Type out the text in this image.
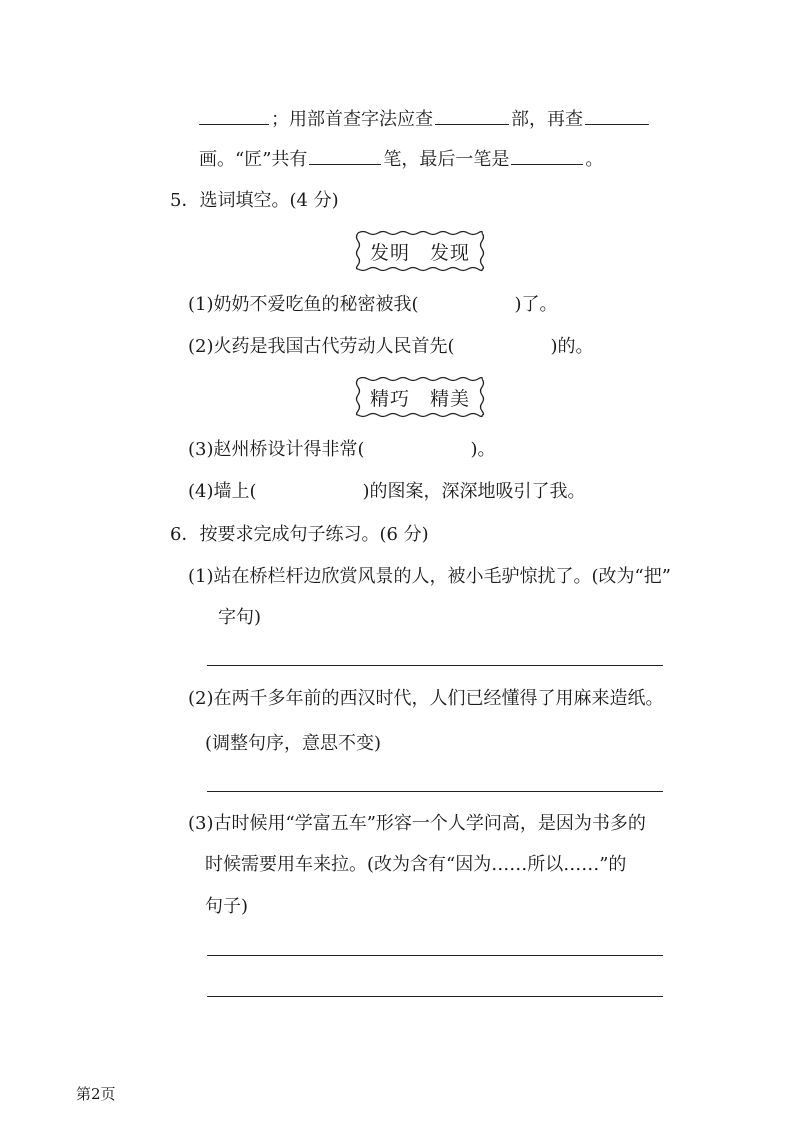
；用部首查字法应查	部，再查
画。“匠”共有	笔，最后一笔是	。
5．选词填空。(4 分)
发明 发现
(1)奶奶不爱吃鱼的秘密被我(	)了。
(2)火药是我国古代劳动人民首先(	)的。
精巧 精美
(3)赵州桥设计得非常(	)。
(4)墙上(	)的图案，深深地吸引了我。
6．按要求完成句子练习。(6 分)
(1)站在桥栏杆边欣赏风景的人，被小毛驴惊扰了。(改为“把”
字句)
(2)在两千多年前的西汉时代，人们已经懂得了用麻来造纸。
(调整句序，意思不变)
(3)古时候用“学富五车”形容一个人学问高，是因为书多的
时候需要用车来拉。(改为含有“因为……所以……”的
句子)
第2页
